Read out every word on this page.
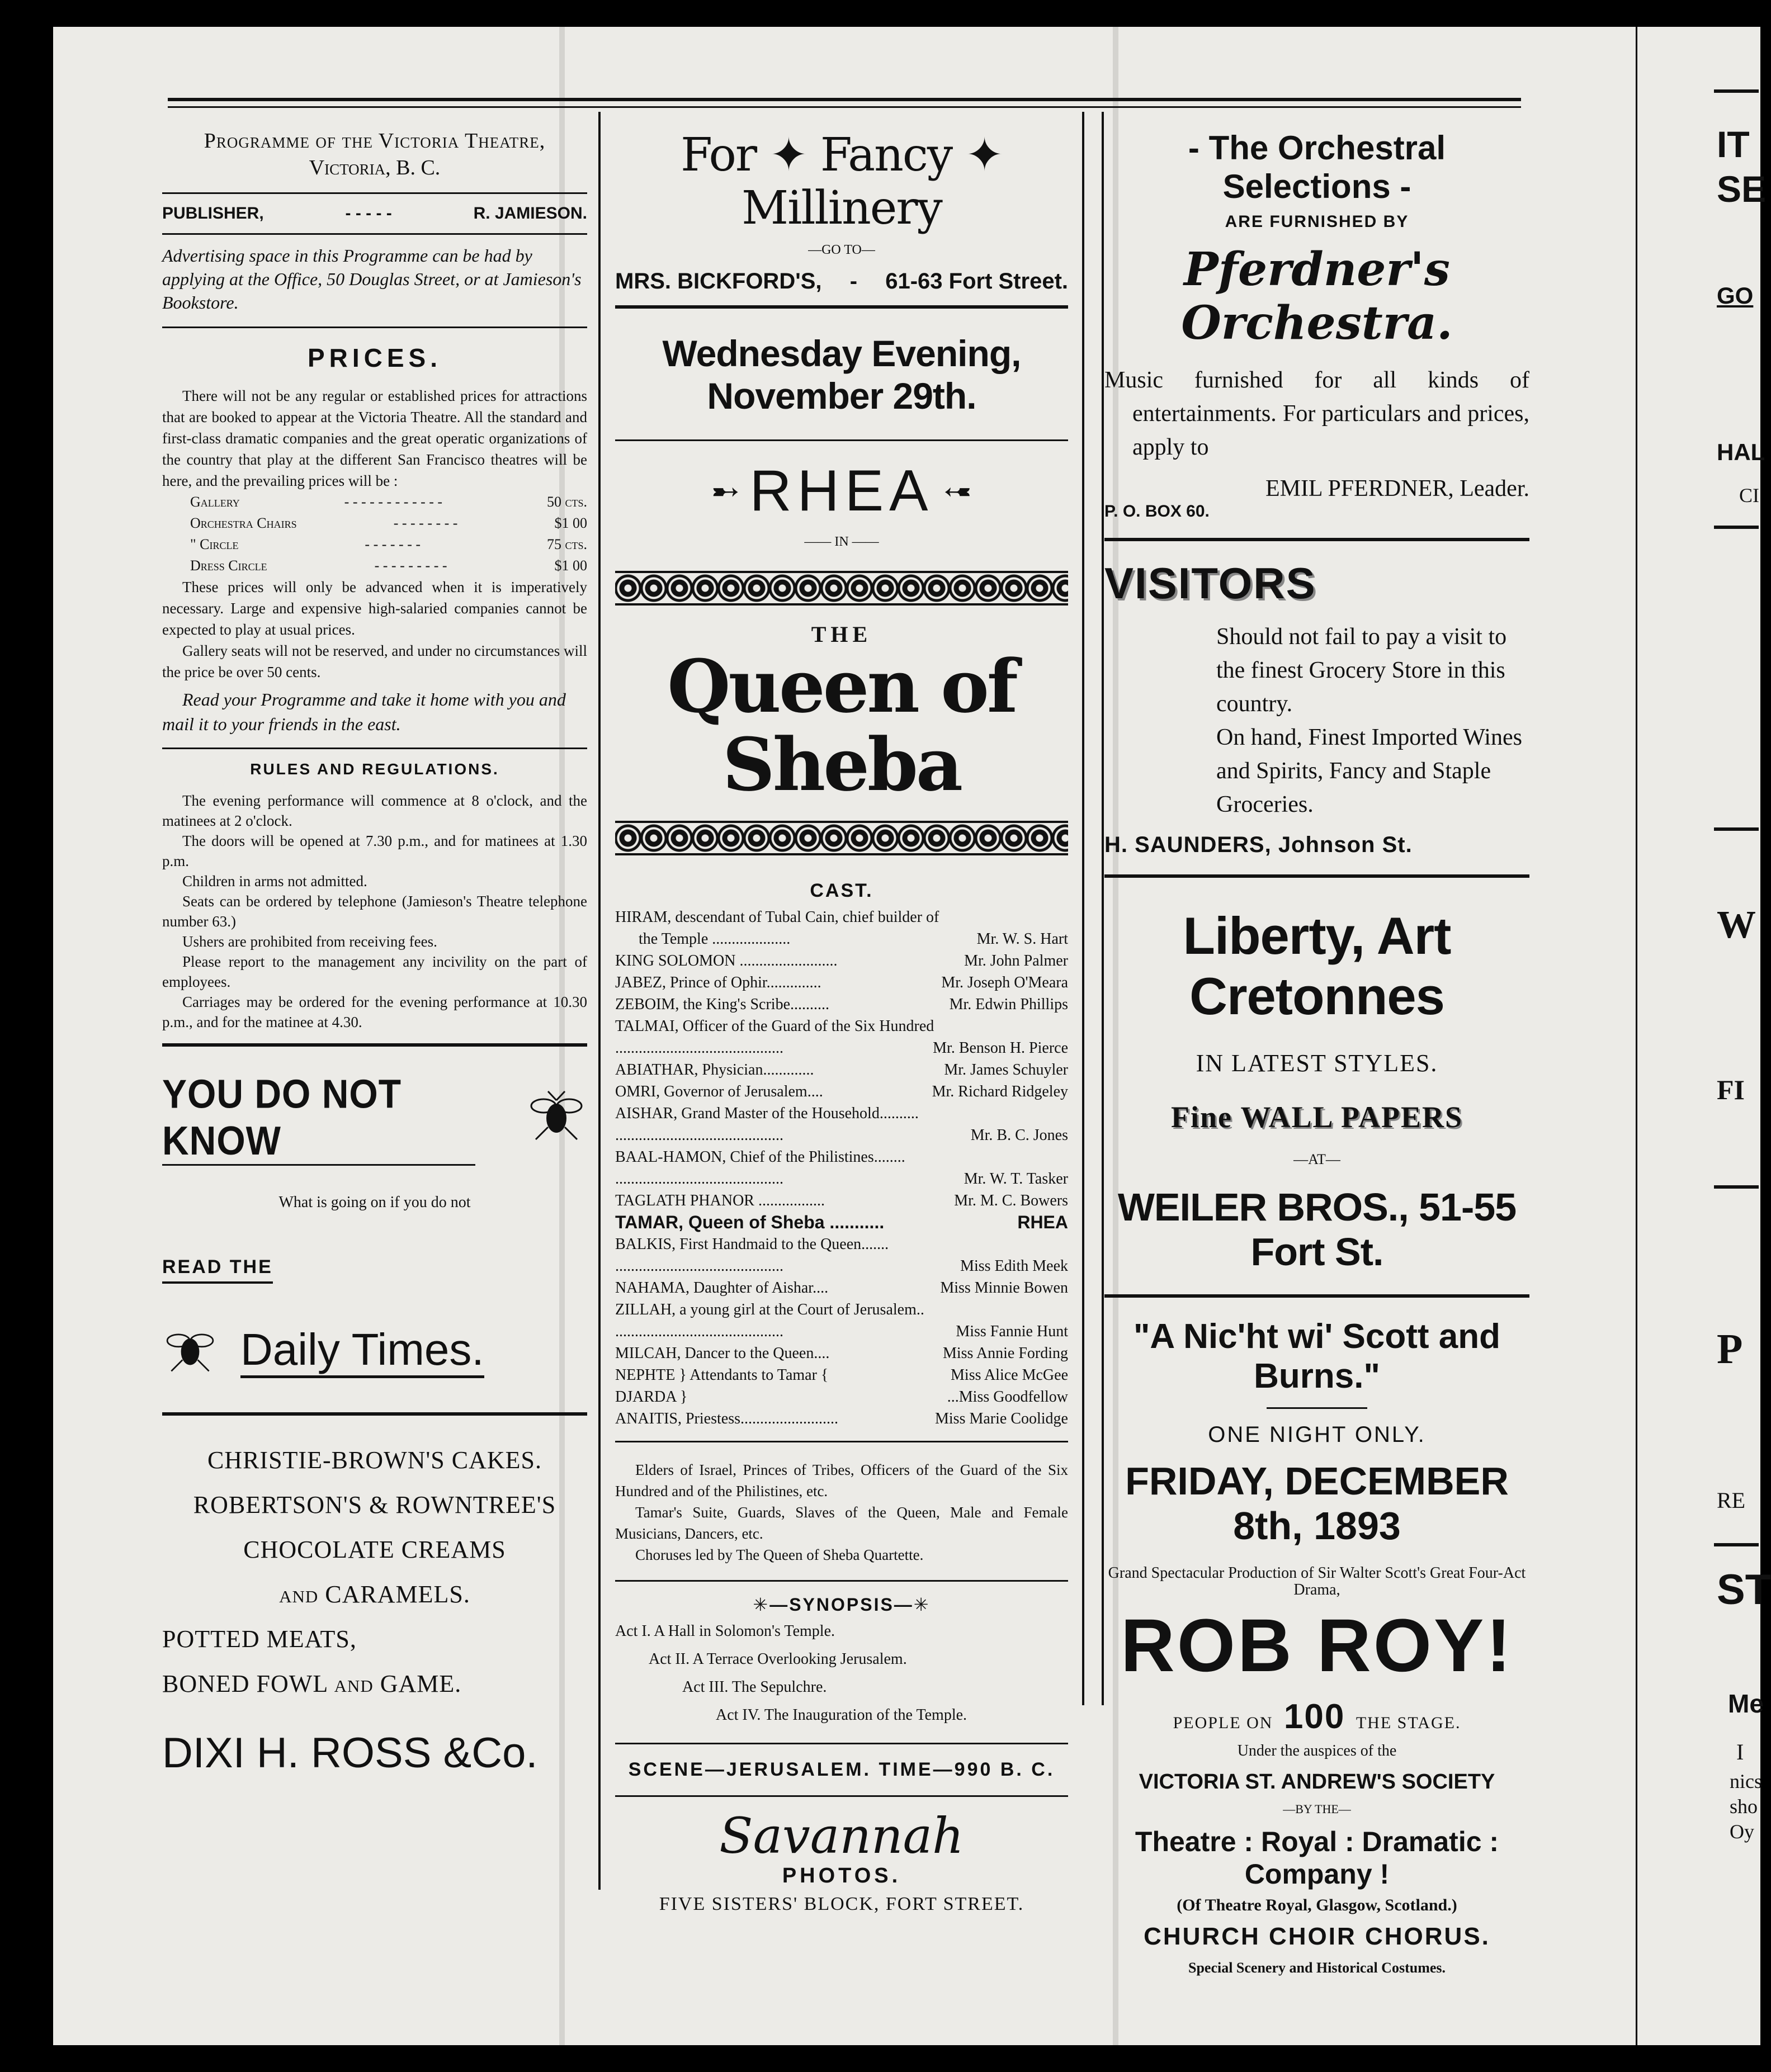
Programme of the Victoria Theatre,
Victoria, B. C.
PUBLISHER,	- - - - -	R. JAMIESON.
Advertising space in this Programme can be had by applying at the Office, 50 Douglas Street, or at Jamieson's Bookstore.
PRICES.
There will not be any regular or established prices for attractions that are booked to appear at the Victoria Theatre. All the standard and first-class dramatic companies and the great operatic organizations of the country that play at the different San Francisco theatres will be here, and the prevailing prices will be :
Gallery	- - - - - - - - - - - -	50 cts.
Orchestra Chairs	- - - - - - - -	$1 00
" Circle	- - - - - - -	75 cts.
Dress Circle	- - - - - - - - -	$1 00
These prices will only be advanced when it is imperatively necessary. Large and expensive high-salaried companies cannot be expected to play at usual prices.
Gallery seats will not be reserved, and under no circumstances will the price be over 50 cents.
Read your Programme and take it home with you and mail it to your friends in the east.
RULES AND REGULATIONS.
The evening performance will commence at 8 o'clock, and the matinees at 2 o'clock.
The doors will be opened at 7.30 p.m., and for matinees at 1.30 p.m.
Children in arms not admitted.
Seats can be ordered by telephone (Jamieson's Theatre telephone number 63.)
Ushers are prohibited from receiving fees.
Please report to the management any incivility on the part of employees.
Carriages may be ordered for the evening performance at 10.30 p.m., and for the matinee at 4.30.
YOU DO NOT KNOW
What is going on if you do not
READ THE
Daily Times.
CHRISTIE-BROWN'S CAKES.
ROBERTSON'S & ROWNTREE'S
CHOCOLATE CREAMS
and CARAMELS.
POTTED MEATS,
BONED FOWL and GAME.
DIXI H. ROSS &Co.
For ✦ Fancy ✦ Millinery
—GO TO—
MRS. BICKFORD'S, - 61-63 Fort Street.
Wednesday Evening, November 29th.
➸ RHEA ➸
—— IN ——
THE
Queen of Sheba
CAST.
HIRAM, descendant of Tubal Cain, chief builder of
the Temple ....................	Mr. W. S. Hart
KING SOLOMON .........................	Mr. John Palmer
JABEZ, Prince of Ophir..............	Mr. Joseph O'Meara
ZEBOIM, the King's Scribe..........	Mr. Edwin Phillips
TALMAI, Officer of the Guard of the Six Hundred
...........................................	Mr. Benson H. Pierce
ABIATHAR, Physician.............	Mr. James Schuyler
OMRI, Governor of Jerusalem....	Mr. Richard Ridgeley
AISHAR, Grand Master of the Household..........
...........................................	Mr. B. C. Jones
BAAL-HAMON, Chief of the Philistines........
...........................................	Mr. W. T. Tasker
TAGLATH PHANOR .................	Mr. M. C. Bowers
TAMAR, Queen of Sheba ...........	RHEA
BALKIS, First Handmaid to the Queen.......
...........................................	Miss Edith Meek
NAHAMA, Daughter of Aishar....	Miss Minnie Bowen
ZILLAH, a young girl at the Court of Jerusalem..
...........................................	Miss Fannie Hunt
MILCAH, Dancer to the Queen....	Miss Annie Fording
NEPHTE } Attendants to Tamar {	Miss Alice McGee
DJARDA }	...Miss Goodfellow
ANAITIS, Priestess.........................	Miss Marie Coolidge
Elders of Israel, Princes of Tribes, Officers of the Guard of the Six Hundred and of the Philistines, etc.
Tamar's Suite, Guards, Slaves of the Queen, Male and Female Musicians, Dancers, etc.
Choruses led by The Queen of Sheba Quartette.
✳—SYNOPSIS—✳
Act I. A Hall in Solomon's Temple.
Act II. A Terrace Overlooking Jerusalem.
Act III. The Sepulchre.
Act IV. The Inauguration of the Temple.
SCENE—JERUSALEM. TIME—990 B. C.
Savannah
PHOTOS.
FIVE SISTERS' BLOCK, FORT STREET.
- The Orchestral Selections -
ARE FURNISHED BY
Pferdner's Orchestra.
Music furnished for all kinds of entertainments. For particulars and prices, apply to
EMIL PFERDNER, Leader.
P. O. BOX 60.
VISITORS
Should not fail to pay a visit to the finest Grocery Store in this country.
On hand, Finest Imported Wines and Spirits, Fancy and Staple Groceries.
H. SAUNDERS, Johnson St.
Liberty, Art Cretonnes
IN LATEST STYLES.
Fine WALL PAPERS
—AT—
WEILER BROS., 51-55 Fort St.
"A Nic'ht wi' Scott and Burns."
ONE NIGHT ONLY.
FRIDAY, DECEMBER 8th, 1893
Grand Spectacular Production of Sir Walter Scott's Great Four-Act Drama,
ROB ROY!
PEOPLE ON 100 THE STAGE.
Under the auspices of the
VICTORIA ST. ANDREW'S SOCIETY
—BY THE—
Theatre : Royal : Dramatic : Company !
(Of Theatre Royal, Glasgow, Scotland.)
CHURCH CHOIR CHORUS.
Special Scenery and Historical Costumes.
IT
SE
GO
HAL
CI
W
FI
P
RE
ST
Me
I
nics
sho
Oy
